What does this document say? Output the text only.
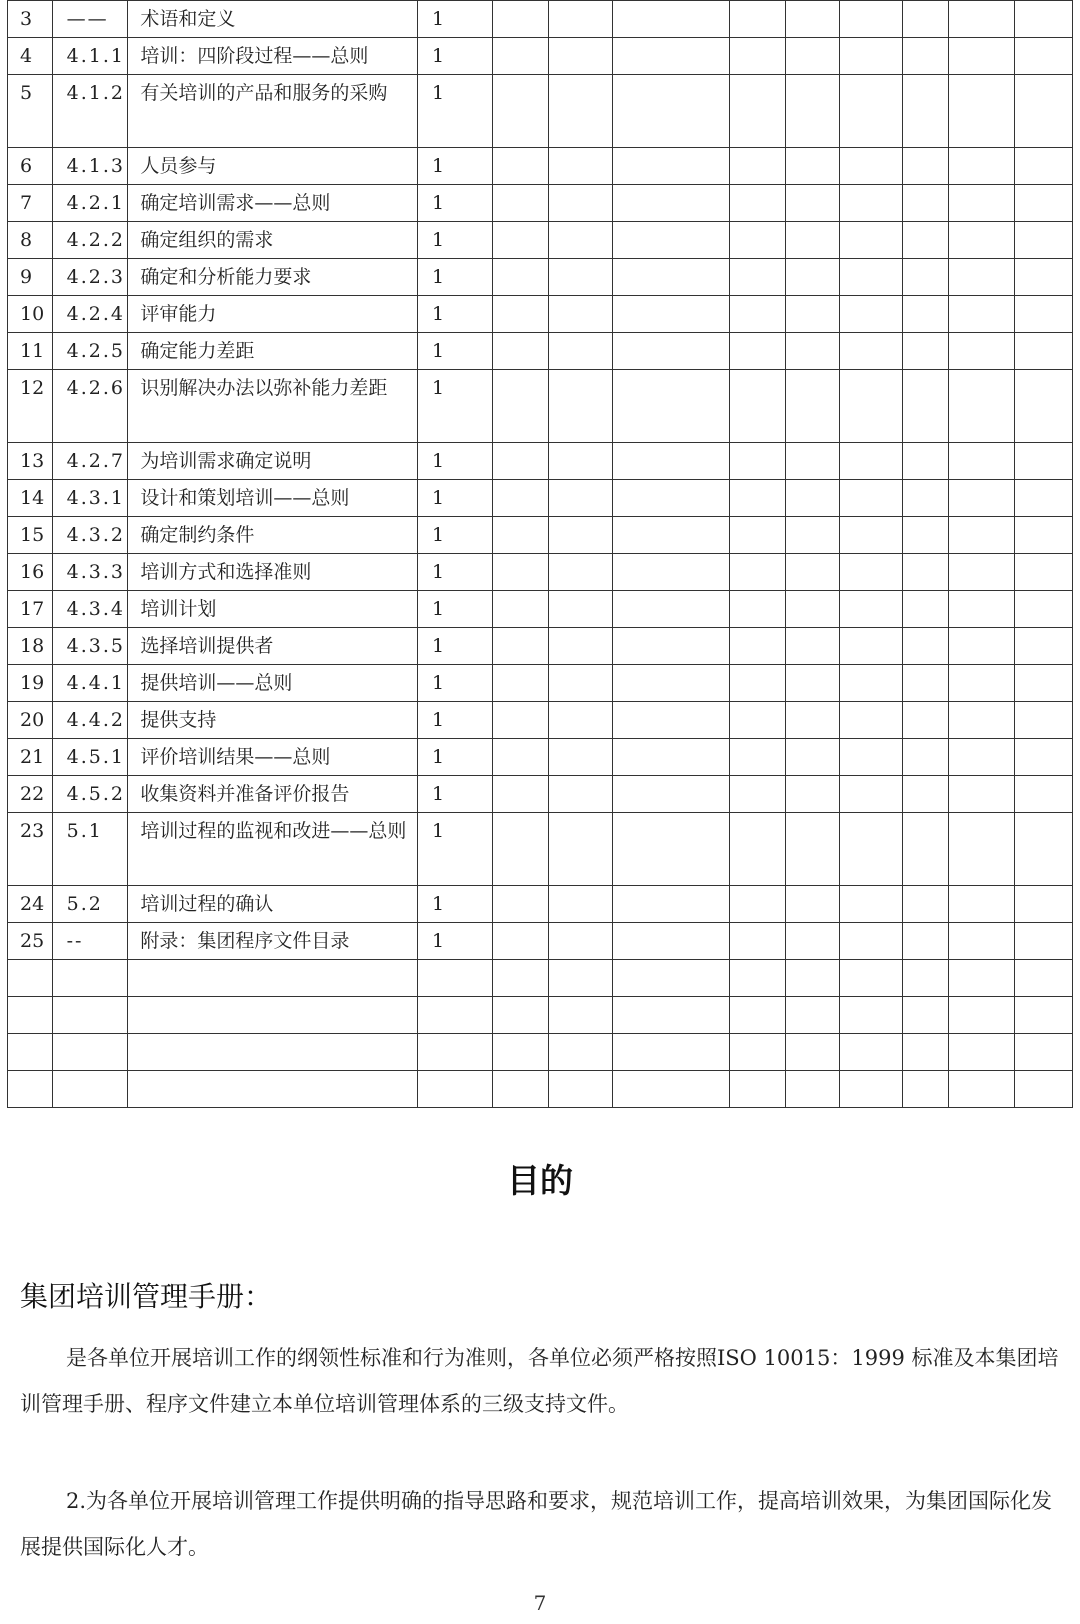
3	——	术语和定义	1									
4	4.1.1	培训：四阶段过程——总则	1									
5	4.1.2	有关培训的产品和服务的采购	1									
6	4.1.3	人员参与	1									
7	4.2.1	确定培训需求——总则	1									
8	4.2.2	确定组织的需求	1									
9	4.2.3	确定和分析能力要求	1									
10	4.2.4	评审能力	1									
11	4.2.5	确定能力差距	1									
12	4.2.6	识别解决办法以弥补能力差距	1									
13	4.2.7	为培训需求确定说明	1									
14	4.3.1	设计和策划培训——总则	1									
15	4.3.2	确定制约条件	1									
16	4.3.3	培训方式和选择准则	1									
17	4.3.4	培训计划	1									
18	4.3.5	选择培训提供者	1									
19	4.4.1	提供培训——总则	1									
20	4.4.2	提供支持	1									
21	4.5.1	评价培训结果——总则	1									
22	4.5.2	收集资料并准备评价报告	1									
23	5.1	培训过程的监视和改进——总则	1									
24	5.2	培训过程的确认	1									
25	--	附录：集团程序文件目录	1									

目的
集团培训管理手册：
是各单位开展培训工作的纲领性标准和行为准则，各单位必须严格按照ISO 10015：1999 标准及本集团培训管理手册、程序文件建立本单位培训管理体系的三级支持文件。
2.为各单位开展培训管理工作提供明确的指导思路和要求，规范培训工作，提高培训效果，为集团国际化发展提供国际化人才。
7
